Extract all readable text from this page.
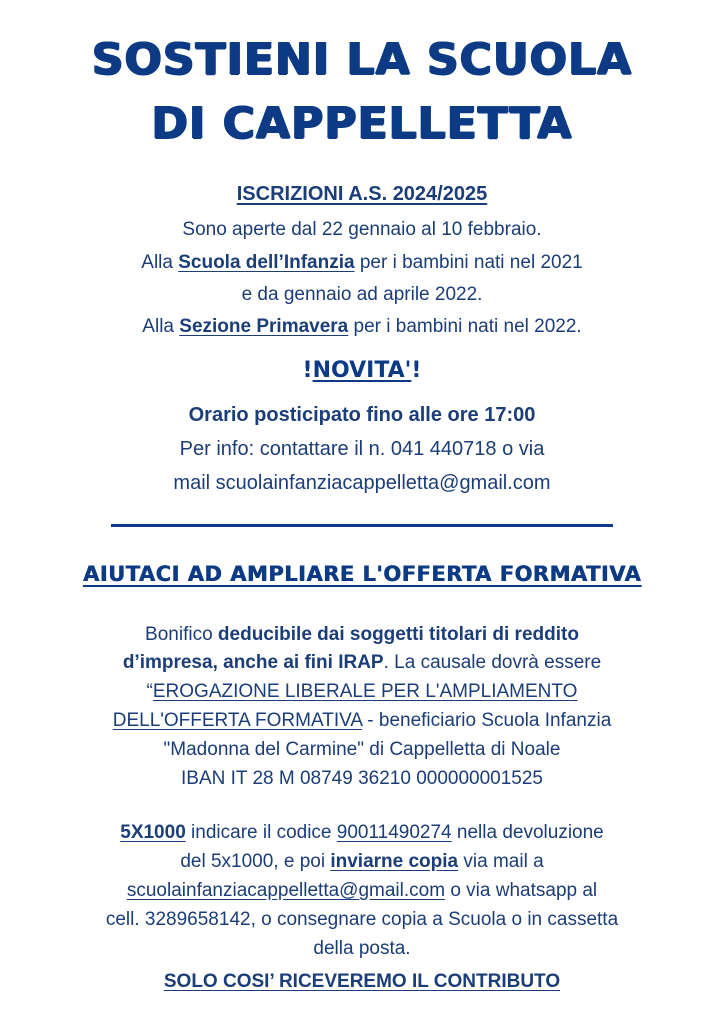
SOSTIENI LA SCUOLA
DI CAPPELLETTA
ISCRIZIONI A.S. 2024/2025
Sono aperte dal 22 gennaio al 10 febbraio.
Alla Scuola dell’Infanzia per i bambini nati nel 2021
e da gennaio ad aprile 2022.
Alla Sezione Primavera per i bambini nati nel 2022.
!NOVITA'!
Orario posticipato fino alle ore 17:00
Per info: contattare il n. 041 440718 o via
mail scuolainfanziacappelletta@gmail.com
AIUTACI AD AMPLIARE L'OFFERTA FORMATIVA
Bonifico deducibile dai soggetti titolari di reddito
d’impresa, anche ai fini IRAP. La causale dovrà essere
“EROGAZIONE LIBERALE PER L'AMPLIAMENTO
DELL'OFFERTA FORMATIVA - beneficiario Scuola Infanzia
"Madonna del Carmine" di Cappelletta di Noale
IBAN IT 28 M 08749 36210 000000001525
5X1000 indicare il codice 90011490274 nella devoluzione
del 5x1000, e poi inviarne copia via mail a
scuolainfanziacappelletta@gmail.com o via whatsapp al
cell. 3289658142, o consegnare copia a Scuola o in cassetta
della posta.
SOLO COSI’ RICEVEREMO IL CONTRIBUTO
